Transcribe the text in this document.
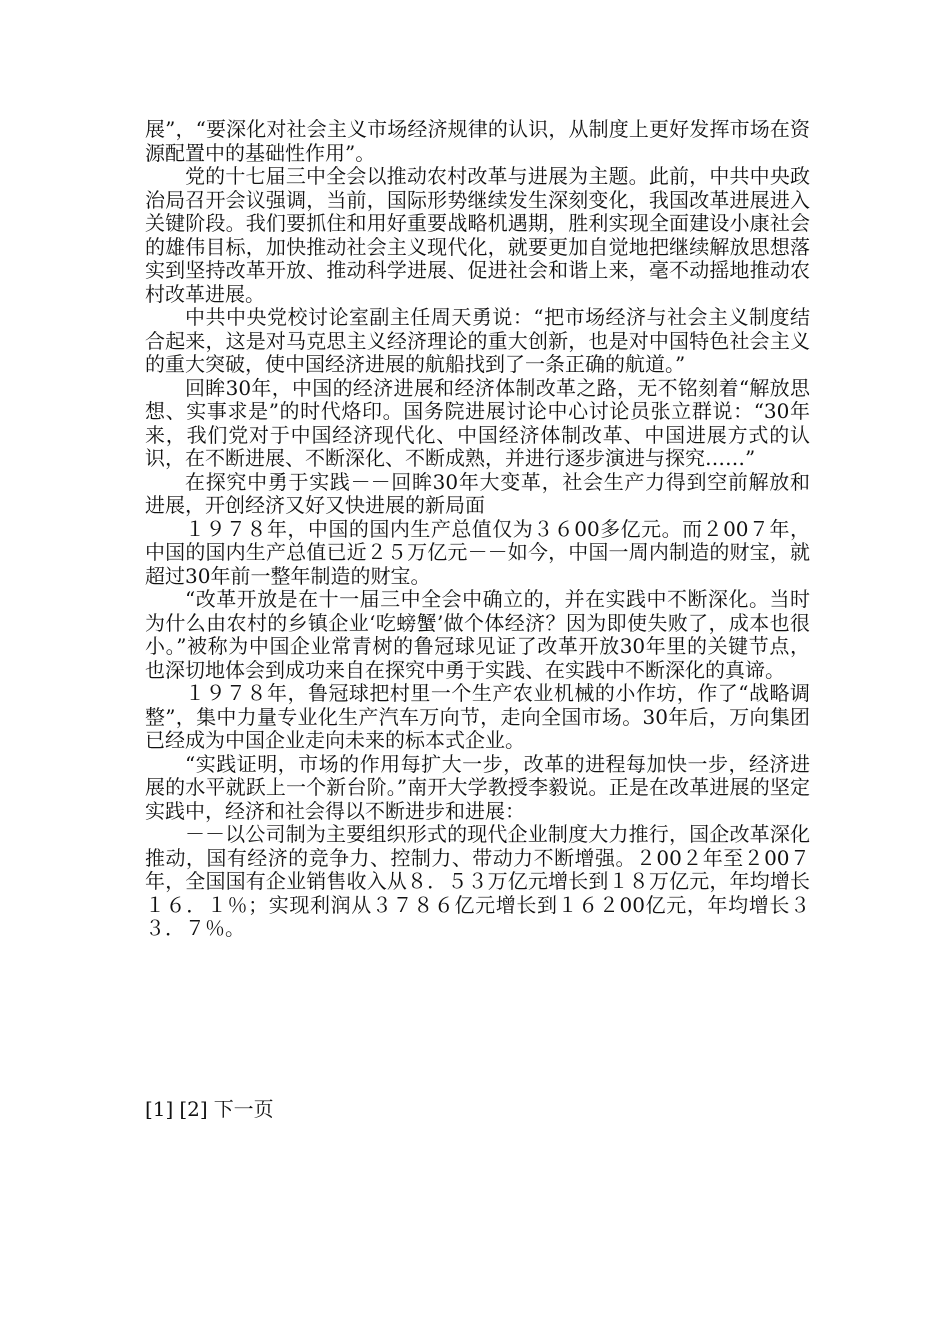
展”，“要深化对社会主义市场经济规律的认识，从制度上更好发挥市场在资源配置中的基础性作用”。

党的十七届三中全会以推动农村改革与进展为主题。此前，中共中央政治局召开会议强调，当前，国际形势继续发生深刻变化，我国改革进展进入关键阶段。我们要抓住和用好重要战略机遇期，胜利实现全面建设小康社会的雄伟目标，加快推动社会主义现代化，就要更加自觉地把继续解放思想落实到坚持改革开放、推动科学进展、促进社会和谐上来，毫不动摇地推动农村改革进展。

中共中央党校讨论室副主任周天勇说：“把市场经济与社会主义制度结合起来，这是对马克思主义经济理论的重大创新，也是对中国特色社会主义的重大突破，使中国经济进展的航船找到了一条正确的航道。”

回眸30年，中国的经济进展和经济体制改革之路，无不铭刻着“解放思想、实事求是”的时代烙印。国务院进展讨论中心讨论员张立群说：“30年来，我们党对于中国经济现代化、中国经济体制改革、中国进展方式的认识，在不断进展、不断深化、不断成熟，并进行逐步演进与探究……”

在探究中勇于实践－－回眸30年大变革，社会生产力得到空前解放和进展，开创经济又好又快进展的新局面

１９７８年，中国的国内生产总值仅为３６00多亿元。而２00７年，中国的国内生产总值已近２５万亿元－－如今，中国一周内制造的财宝，就超过30年前一整年制造的财宝。

“改革开放是在十一届三中全会中确立的，并在实践中不断深化。当时为什么由农村的乡镇企业‘吃螃蟹’做个体经济？因为即使失败了，成本也很小。”被称为中国企业常青树的鲁冠球见证了改革开放30年里的关键节点，也深切地体会到成功来自在探究中勇于实践、在实践中不断深化的真谛。

１９７８年，鲁冠球把村里一个生产农业机械的小作坊，作了“战略调整”，集中力量专业化生产汽车万向节，走向全国市场。30年后，万向集团已经成为中国企业走向未来的标本式企业。

“实践证明，市场的作用每扩大一步，改革的进程每加快一步，经济进展的水平就跃上一个新台阶。”南开大学教授李毅说。正是在改革进展的坚定实践中，经济和社会得以不断进步和进展：

－－以公司制为主要组织形式的现代企业制度大力推行，国企改革深化推动，国有经济的竞争力、控制力、带动力不断增强。２00２年至２00７年，全国国有企业销售收入从８．５３万亿元增长到１８万亿元，年均增长１６．１％；实现利润从３７８６亿元增长到１６２00亿元，年均增长３３．７％。

[1] [2] 下一页
